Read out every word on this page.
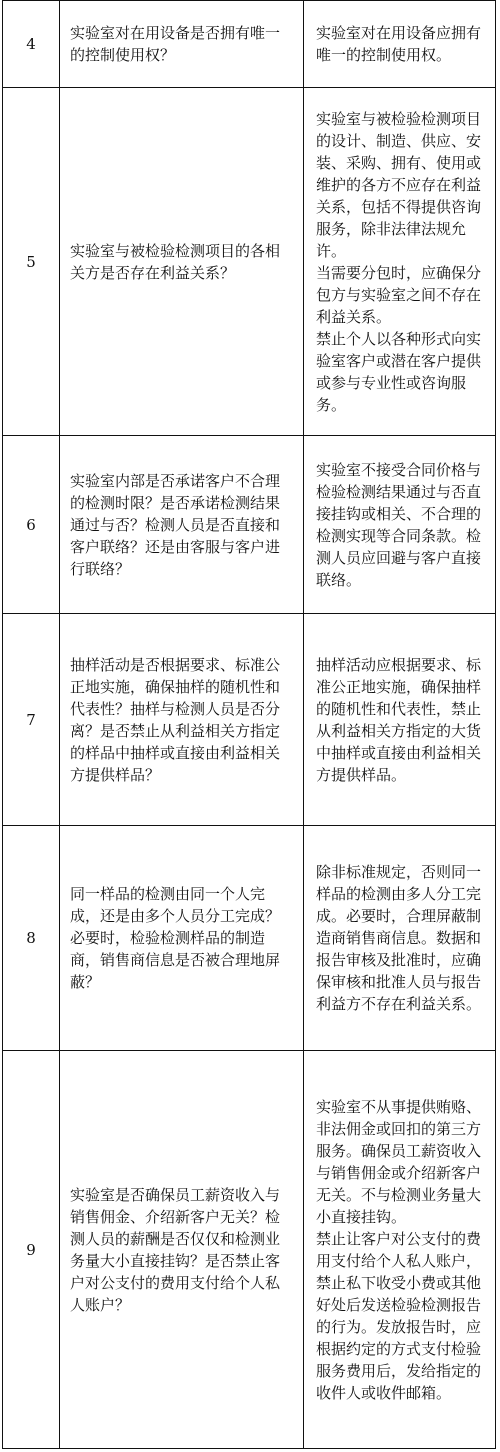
4	实验室对在用设备是否拥有唯一的控制使用权？	实验室对在用设备应拥有唯一的控制使用权。

5	实验室与被检验检测项目的各相关方是否存在利益关系？	实验室与被检验检测项目的设计、制造、供应、安装、采购、拥有、使用或维护的各方不应存在利益关系，包括不得提供咨询服务，除非法律法规允许。

当需要分包时，应确保分包方与实验室之间不存在利益关系。

禁止个人以各种形式向实验室客户或潜在客户提供或参与专业性或咨询服务。

6	实验室内部是否承诺客户不合理的检测时限？是否承诺检测结果通过与否？检测人员是否直接和客户联络？还是由客服与客户进行联络？	实验室不接受合同价格与检验检测结果通过与否直接挂钩或相关、不合理的检测实现等合同条款。检测人员应回避与客户直接联络。

7	抽样活动是否根据要求、标准公正地实施，确保抽样的随机性和代表性？抽样与检测人员是否分离？是否禁止从利益相关方指定的样品中抽样或直接由利益相关方提供样品？	抽样活动应根据要求、标准公正地实施，确保抽样的随机性和代表性，禁止从利益相关方指定的大货中抽样或直接由利益相关方提供样品。

8	同一样品的检测由同一个人完成，还是由多个人员分工完成？必要时，检验检测样品的制造商，销售商信息是否被合理地屏蔽？	除非标准规定，否则同一样品的检测由多人分工完成。必要时，合理屏蔽制造商销售商信息。数据和报告审核及批准时，应确保审核和批准人员与报告利益方不存在利益关系。

9	实验室是否确保员工薪资收入与销售佣金、介绍新客户无关？检测人员的薪酬是否仅仅和检测业务量大小直接挂钩？是否禁止客户对公支付的费用支付给个人私人账户？	实验室不从事提供贿赂、非法佣金或回扣的第三方服务。确保员工薪资收入与销售佣金或介绍新客户无关。不与检测业务量大小直接挂钩。

禁止让客户对公支付的费用支付给个人私人账户，禁止私下收受小费或其他好处后发送检验检测报告的行为。发放报告时，应根据约定的方式支付检验服务费用后，发给指定的收件人或收件邮箱。
